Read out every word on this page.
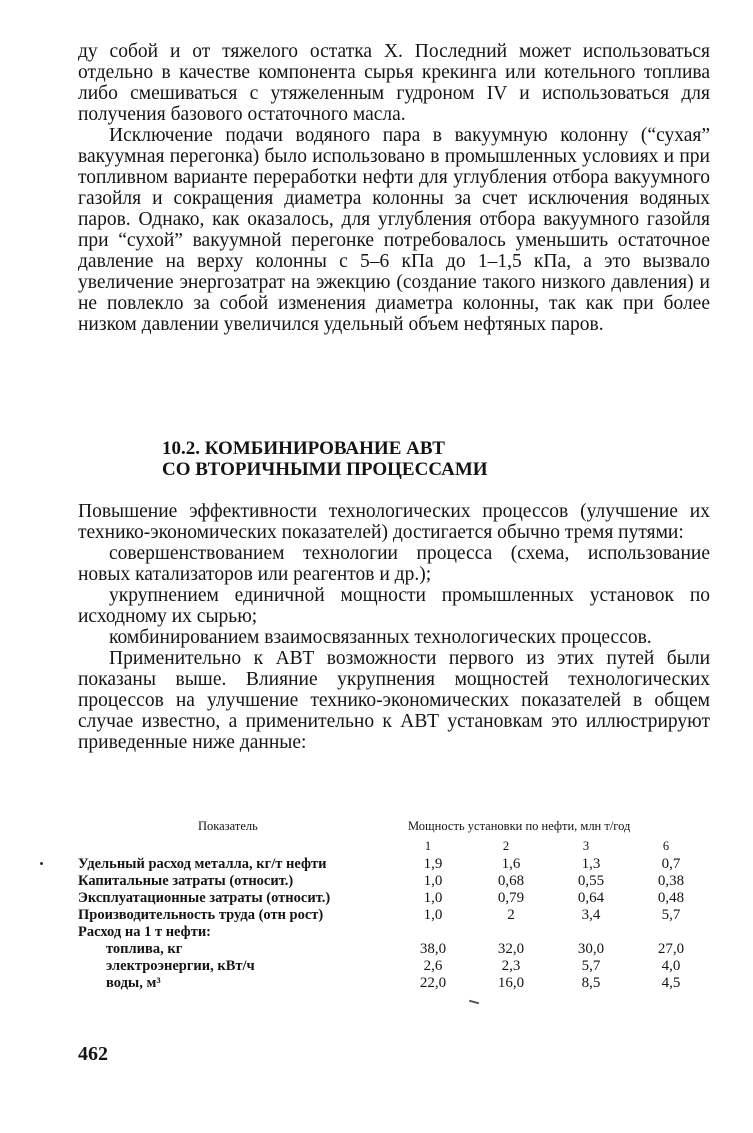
ду собой и от тяжелого остатка X. Последний может использоваться отдельно в качестве компонента сырья крекинга или котельного топлива либо смешиваться с утяжеленным гудроном IV и использоваться для получения базового остаточного масла.

Исключение подачи водяного пара в вакуумную колонну (“сухая” вакуумная перегонка) было использовано в промышленных условиях и при топливном варианте переработки нефти для углубления отбора вакуумного газойля и сокращения диаметра колонны за счет исключения водяных паров. Однако, как оказалось, для углубления отбора вакуумного газойля при “сухой” вакуумной перегонке потребовалось уменьшить остаточное давление на верху колонны с 5–6 кПа до 1–1,5 кПа, а это вызвало увеличение энергозатрат на эжекцию (создание такого низкого давления) и не повлекло за собой изменения диаметра колонны, так как при более низком давлении увеличился удельный объем нефтяных паров.

10.2. КОМБИНИРОВАНИЕ АВТ
СО ВТОРИЧНЫМИ ПРОЦЕССАМИ

Повышение эффективности технологических процессов (улучшение их технико-экономических показателей) достигается обычно тремя путями:

совершенствованием технологии процесса (схема, использование новых катализаторов или реагентов и др.);

укрупнением единичной мощности промышленных установок по исходному их сырью;

комбинированием взаимосвязанных технологических процессов.

Применительно к АВТ возможности первого из этих путей были показаны выше. Влияние укрупнения мощностей технологических процессов на улучшение технико-экономических показателей в общем случае известно, а применительно к АВТ установкам это иллюстрируют приведенные ниже данные:

Показатель	Мощность установки по нефти, млн т/год
1	2	3	6
Удельный расход металла, кг/т нефти	1,9	1,6	1,3	0,7
Капитальные затраты (относит.)	1,0	0,68	0,55	0,38
Эксплуатационные затраты (относит.)	1,0	0,79	0,64	0,48
Производительность труда (отн рост)	1,0	2	3,4	5,7
Расход на 1 т нефти:
топлива, кг	38,0	32,0	30,0	27,0
электроэнергии, кВт/ч	2,6	2,3	5,7	4,0
воды, м³	22,0	16,0	8,5	4,5
462
